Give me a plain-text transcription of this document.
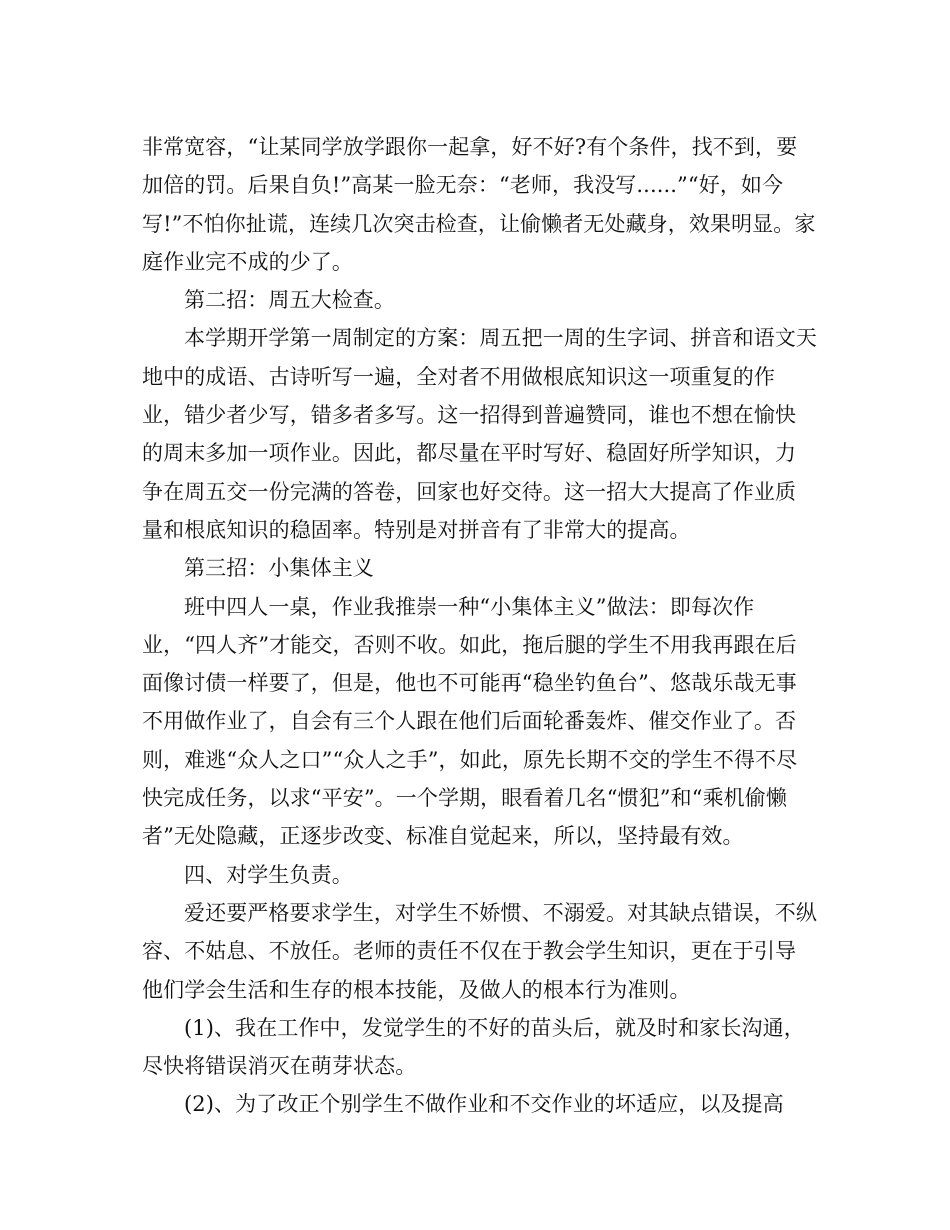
非常宽容，“让某同学放学跟你一起拿，好不好?有个条件，找不到，要加倍的罚。后果自负!”高某一脸无奈：“老师，我没写......”“好，如今写!”不怕你扯谎，连续几次突击检查，让偷懒者无处藏身，效果明显。家庭作业完不成的少了。

第二招：周五大检查。

本学期开学第一周制定的方案：周五把一周的生字词、拼音和语文天地中的成语、古诗听写一遍，全对者不用做根底知识这一项重复的作业，错少者少写，错多者多写。这一招得到普遍赞同，谁也不想在愉快的周末多加一项作业。因此，都尽量在平时写好、稳固好所学知识，力争在周五交一份完满的答卷，回家也好交待。这一招大大提高了作业质量和根底知识的稳固率。特别是对拼音有了非常大的提高。

第三招：小集体主义

班中四人一桌，作业我推崇一种“小集体主义”做法：即每次作业，“四人齐”才能交，否则不收。如此，拖后腿的学生不用我再跟在后面像讨债一样要了，但是，他也不可能再“稳坐钓鱼台”、悠哉乐哉无事不用做作业了，自会有三个人跟在他们后面轮番轰炸、催交作业了。否则，难逃“众人之口”“众人之手”，如此，原先长期不交的学生不得不尽快完成任务，以求“平安”。一个学期，眼看着几名“惯犯”和“乘机偷懒者”无处隐藏，正逐步改变、标准自觉起来，所以，坚持最有效。

四、对学生负责。

爱还要严格要求学生，对学生不娇惯、不溺爱。对其缺点错误，不纵容、不姑息、不放任。老师的责任不仅在于教会学生知识，更在于引导他们学会生活和生存的根本技能，及做人的根本行为准则。

(1)、我在工作中，发觉学生的不好的苗头后，就及时和家长沟通，尽快将错误消灭在萌芽状态。

(2)、为了改正个别学生不做作业和不交作业的坏适应，以及提高
